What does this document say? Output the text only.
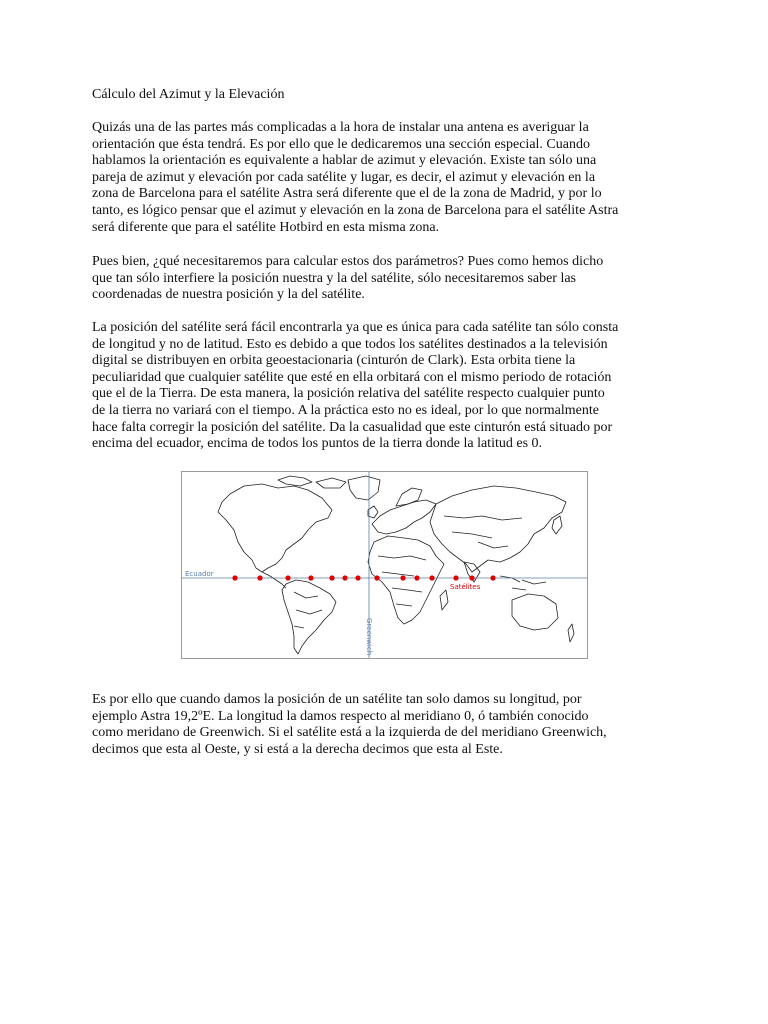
Cálculo del Azimut y la Elevación

Quizás una de las partes más complicadas a la hora de instalar una antena es averiguar la
orientación que ésta tendrá. Es por ello que le dedicaremos una sección especial. Cuando
hablamos la orientación es equivalente a hablar de azimut y elevación. Existe tan sólo una
pareja de azimut y elevación por cada satélite y lugar, es decir, el azimut y elevación en la
zona de Barcelona para el satélite Astra será diferente que el de la zona de Madrid, y por lo
tanto, es lógico pensar que el azimut y elevación en la zona de Barcelona para el satélite Astra
será diferente que para el satélite Hotbird en esta misma zona.

Pues bien, ¿qué necesitaremos para calcular estos dos parámetros? Pues como hemos dicho
que tan sólo interfiere la posición nuestra y la del satélite, sólo necesitaremos saber las
coordenadas de nuestra posición y la del satélite.

La posición del satélite será fácil encontrarla ya que es única para cada satélite tan sólo consta
de longitud y no de latitud. Esto es debido a que todos los satélites destinados a la televisión
digital se distribuyen en orbita geoestacionaria (cinturón de Clark). Esta orbita tiene la
peculiaridad que cualquier satélite que esté en ella orbitará con el mismo periodo de rotación
que el de la Tierra. De esta manera, la posición relativa del satélite respecto cualquier punto
de la tierra no variará con el tiempo. A la práctica esto no es ideal, por lo que normalmente
hace falta corregir la posición del satélite. Da la casualidad que este cinturón está situado por
encima del ecuador, encima de todos los puntos de la tierra donde la latitud es 0.

Ecuador
Greenwich
Satélites

Es por ello que cuando damos la posición de un satélite tan solo damos su longitud, por
ejemplo Astra 19,2ºE. La longitud la damos respecto al meridiano 0, ó también conocido
como meridano de Greenwich. Si el satélite está a la izquierda de del meridiano Greenwich,
decimos que esta al Oeste, y si está a la derecha decimos que esta al Este.
